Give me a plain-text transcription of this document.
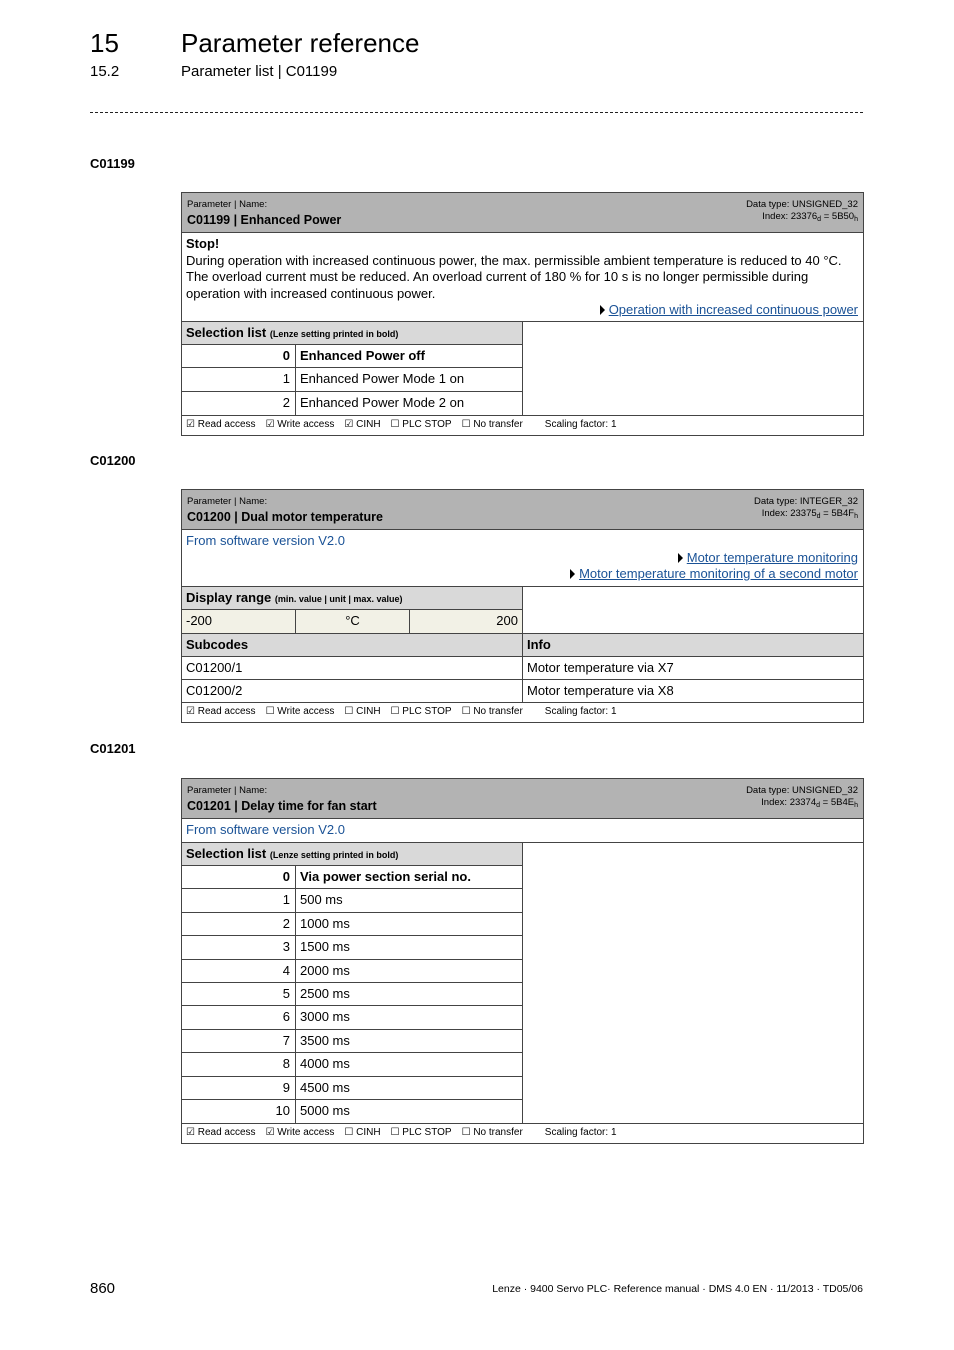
15 Parameter reference
15.2	Parameter list | C01199
C01199
Parameter | Name:
C01199 | Enhanced Power
Data type: UNSIGNED_32
Index: $23376_d = 5B50_h$
Stop!
During operation with increased continuous power, the max. permissible ambient temperature is reduced to 40 °C. The overload current must be reduced. An overload current of 180 % for 10 s is no longer permissible during operation with increased continuous power.
Operation with increased continuous power
Selection list (Lenze setting printed in bold)
0 Enhanced Power off
1 Enhanced Power Mode 1 on
2 Enhanced Power Mode 2 on
☑ Read access ☑ Write access ☑ CINH ☐ PLC STOP ☐ No transfer Scaling factor: 1
C01200
Parameter | Name:
C01200 | Dual motor temperature
Data type: INTEGER_32
Index: $23375_d = 5B4F_h$
From software version V2.0
Motor temperature monitoring
Motor temperature monitoring of a second motor
Display range (min. value | unit | max. value)
-200	°C	200
Subcodes	Info
C01200/1	Motor temperature via X7
C01200/2	Motor temperature via X8
☑ Read access ☐ Write access ☐ CINH ☐ PLC STOP ☐ No transfer Scaling factor: 1
C01201
Parameter | Name:
C01201 | Delay time for fan start
Data type: UNSIGNED_32
Index: $23374_d = 5B4E_h$
From software version V2.0
Selection list (Lenze setting printed in bold)
0 Via power section serial no.
1 500 ms
2 1000 ms
3 1500 ms
4 2000 ms
5 2500 ms
6 3000 ms
7 3500 ms
8 4000 ms
9 4500 ms
10 5000 ms
☑ Read access ☑ Write access ☐ CINH ☐ PLC STOP ☐ No transfer Scaling factor: 1
860	Lenze · 9400 Servo PLC· Reference manual · DMS 4.0 EN · 11/2013 · TD05/06
